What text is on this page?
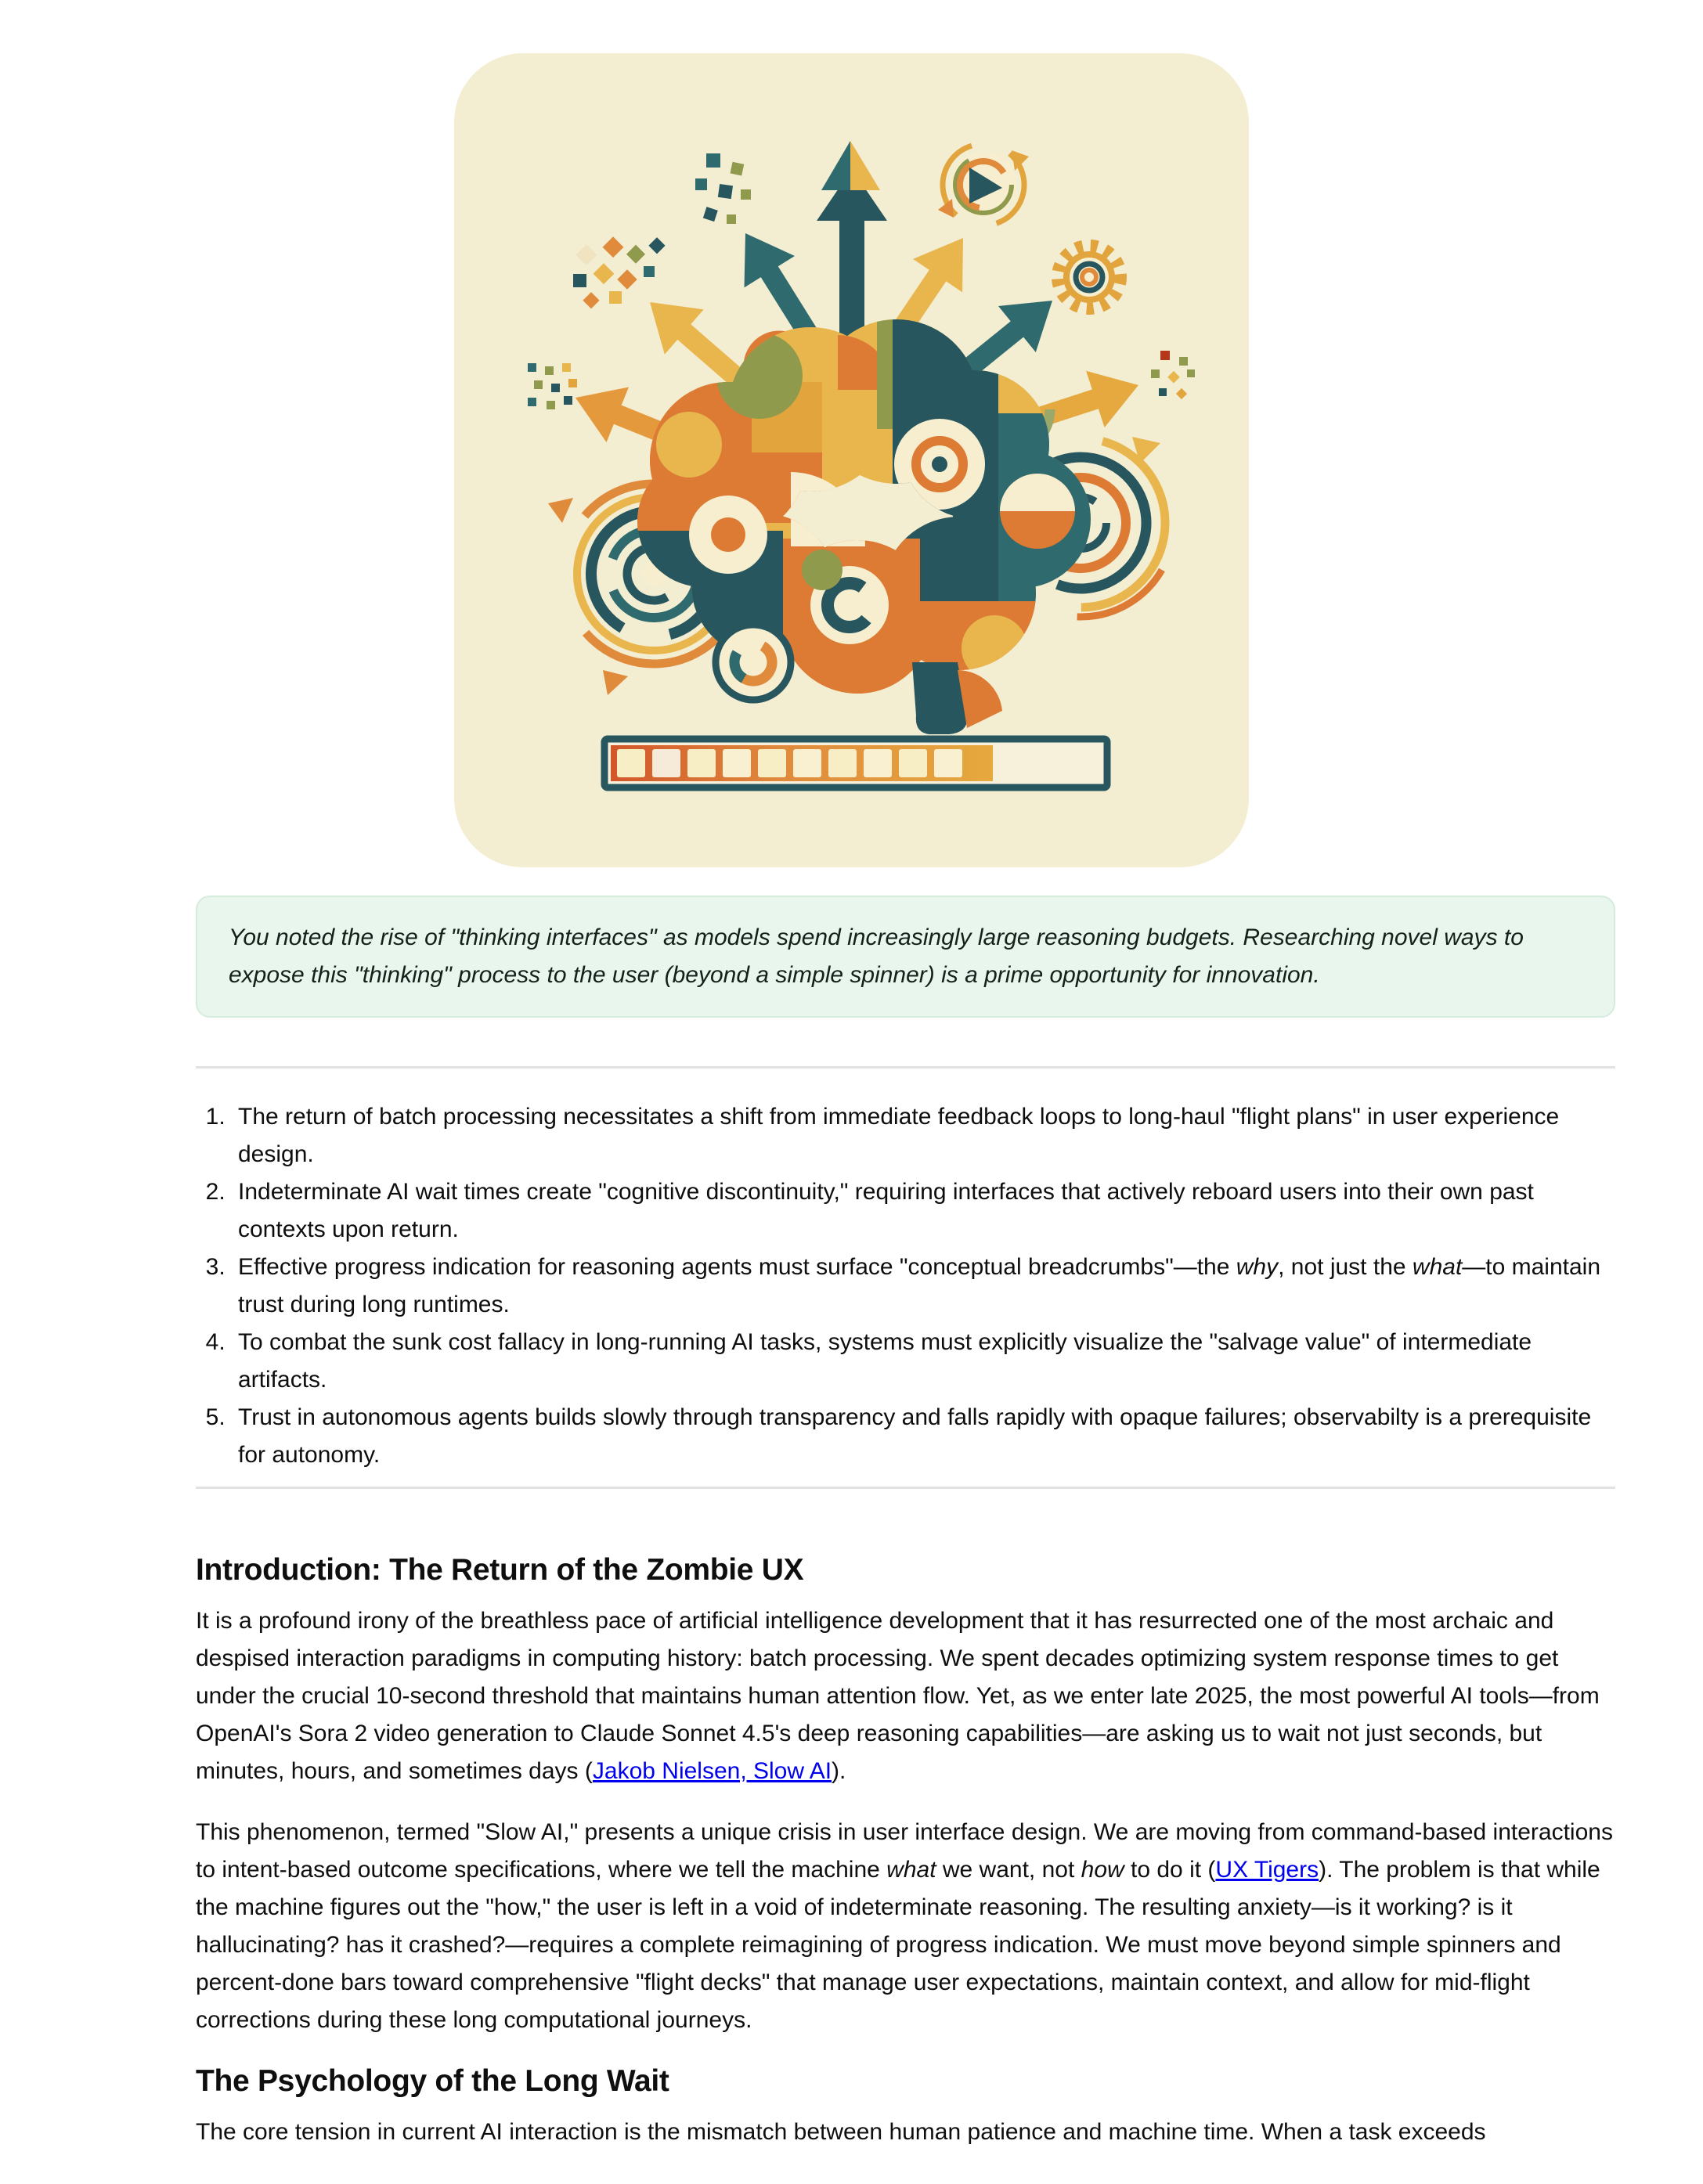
You noted the rise of "thinking interfaces" as models spend increasingly large reasoning budgets. Researching novel ways to expose this "thinking" process to the user (beyond a simple spinner) is a prime opportunity for innovation.
1. The return of batch processing necessitates a shift from immediate feedback loops to long-haul "flight plans" in user experience design.
2. Indeterminate AI wait times create "cognitive discontinuity," requiring interfaces that actively reboard users into their own past contexts upon return.
3. Effective progress indication for reasoning agents must surface "conceptual breadcrumbs"—the why, not just the what—to maintain trust during long runtimes.
4. To combat the sunk cost fallacy in long-running AI tasks, systems must explicitly visualize the "salvage value" of intermediate artifacts.
5. Trust in autonomous agents builds slowly through transparency and falls rapidly with opaque failures; observabilty is a prerequisite for autonomy.
Introduction: The Return of the Zombie UX

It is a profound irony of the breathless pace of artificial intelligence development that it has resurrected one of the most archaic and despised interaction paradigms in computing history: batch processing. We spent decades optimizing system response times to get under the crucial 10-second threshold that maintains human attention flow. Yet, as we enter late 2025, the most powerful AI tools—from OpenAI's Sora 2 video generation to Claude Sonnet 4.5's deep reasoning capabilities—are asking us to wait not just seconds, but minutes, hours, and sometimes days (Jakob Nielsen, Slow AI).

This phenomenon, termed "Slow AI," presents a unique crisis in user interface design. We are moving from command-based interactions to intent-based outcome specifications, where we tell the machine what we want, not how to do it (UX Tigers). The problem is that while the machine figures out the "how," the user is left in a void of indeterminate reasoning. The resulting anxiety—is it working? is it hallucinating? has it crashed?—requires a complete reimagining of progress indication. We must move beyond simple spinners and percent-done bars toward comprehensive "flight decks" that manage user expectations, maintain context, and allow for mid-flight corrections during these long computational journeys.

The Psychology of the Long Wait

The core tension in current AI interaction is the mismatch between human patience and machine time. When a task exceeds
